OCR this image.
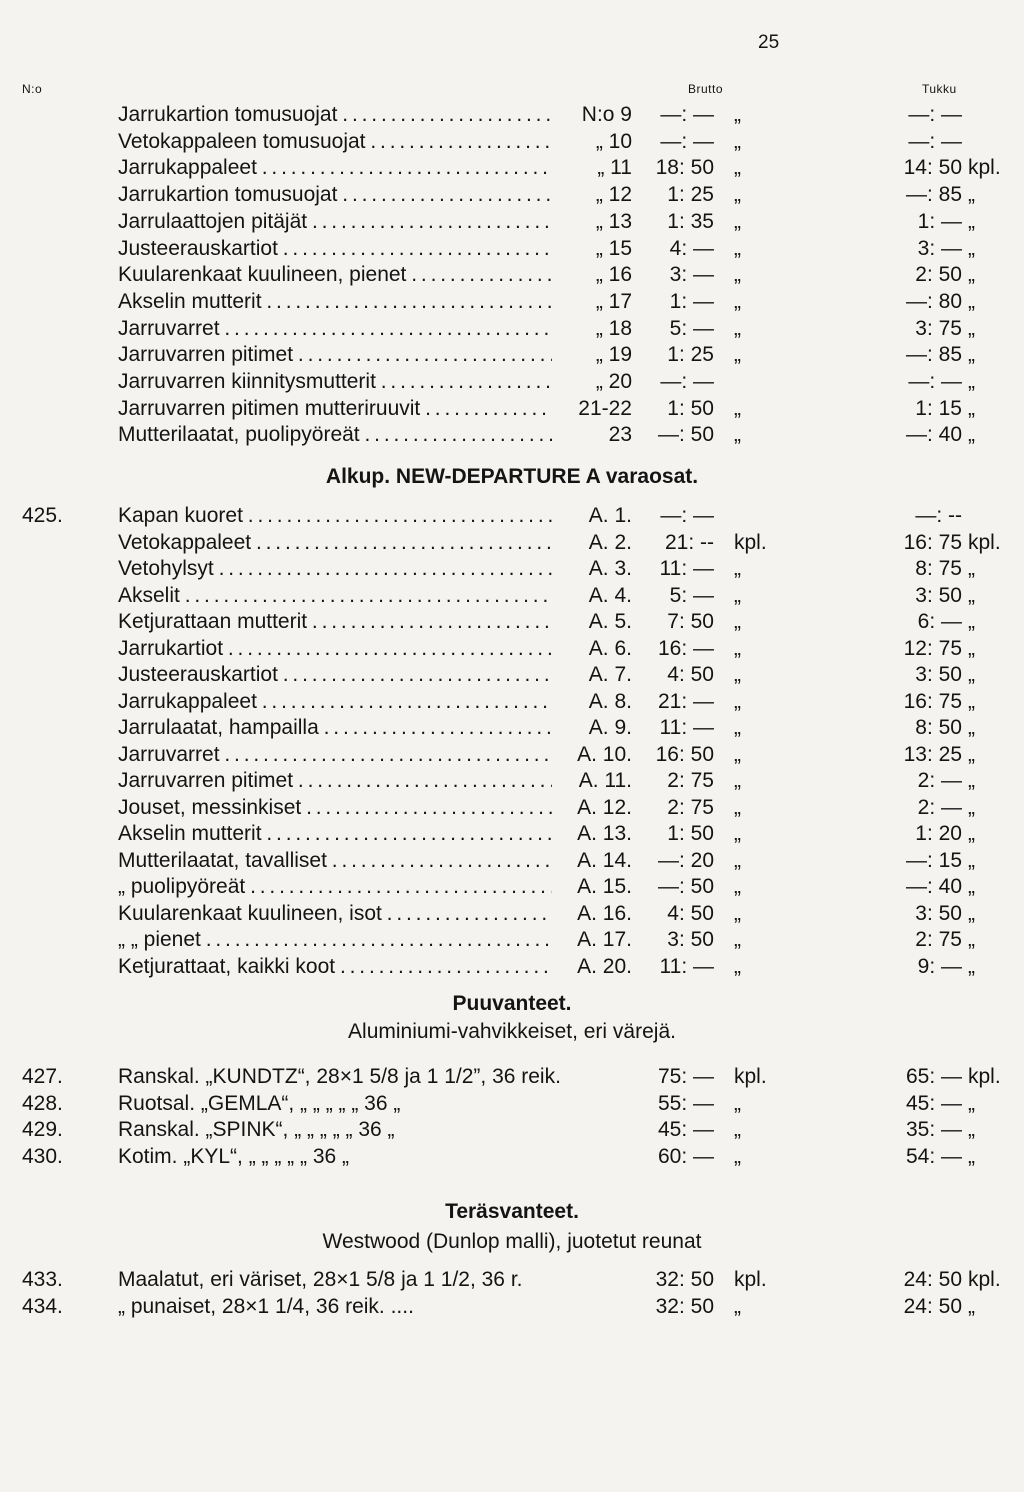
25
N:o	Brutto	Tukku
Jarrukartion tomusuojat . . .	N:o 9	—: — „	—: —
Vetokappaleen tomusuojat . . .	„ 10	—: — „	—: —
Jarrukappaleet . . .	„ 11	18: 50 „	14: 50 kpl.
Jarrukartion tomusuojat . . .	„ 12	1: 25 „	—: 85 „
Jarrulaattojen pitäjät . . .	„ 13	1: 35 „	1: — „
Justeerauskartiot . . .	„ 15	4: — „	3: — „
Kuularenkaat kuulineen, pienet . . .	„ 16	3: — „	2: 50 „
Akselin mutterit . . .	„ 17	1: — „	—: 80 „
Jarruvarret . . .	„ 18	5: — „	3: 75 „
Jarruvarren pitimet . . .	„ 19	1: 25 „	—: 85 „
Jarruvarren kiinnitysmutterit . . .	„ 20	—: —	—: — „
Jarruvarren pitimen mutteriruuvit . . .	21-22	1: 50 „	1: 15 „
Mutterilaatat, puolipyöreät . . .	23	—: 50 „	—: 40 „
Alkup. NEW-DEPARTURE A varaosat.
425.	Kapan kuoret . . .	A. 1.	—: —	—: --
Vetokappaleet . . .	A. 2.	21: -- kpl.	16: 75 kpl.
Vetohylsyt . . .	A. 3.	11: — „	8: 75 „
Akselit . . .	A. 4.	5: — „	3: 50 „
Ketjurattaan mutterit . . .	A. 5.	7: 50 „	6: — „
Jarrukartiot . . .	A. 6.	16: — „	12: 75 „
Justeerauskartiot . . .	A. 7.	4: 50 „	3: 50 „
Jarrukappaleet . . .	A. 8.	21: — „	16: 75 „
Jarrulaatat, hampailla . . .	A. 9.	11: — „	8: 50 „
Jarruvarret . . .	A. 10.	16: 50 „	13: 25 „
Jarruvarren pitimet . . .	A. 11.	2: 75 „	2: — „
Jouset, messinkiset . . .	A. 12.	2: 75 „	2: — „
Akselin mutterit . . .	A. 13.	1: 50 „	1: 20 „
Mutterilaatat, tavalliset . . .	A. 14.	—: 20 „	—: 15 „
„ puolipyöreät . . .	A. 15.	—: 50 „	—: 40 „
Kuularenkaat kuulineen, isot . . .	A. 16.	4: 50 „	3: 50 „
„ „ pienet . . .	A. 17.	3: 50 „	2: 75 „
Ketjurattaat, kaikki koot . . .	A. 20.	11: — „	9: — „
Puuvanteet.
Aluminiumi-vahvikkeiset, eri värejä.
427.	Ranskal. „KUNDTZ“, 28×1 5/8 ja 1 1/2”, 36 reik.	75: — kpl.	65: — kpl.
428.	Ruotsal. „GEMLA“, „ „ „ „ „ 36 „	55: — „	45: — „
429.	Ranskal. „SPINK“, „ „ „ „ „ 36 „	45: — „	35: — „
430.	Kotim. „KYL“, „ „ „ „ „ 36 „	60: — „	54: — „
Teräsvanteet.
Westwood (Dunlop malli), juotetut reunat
433.	Maalatut, eri väriset, 28×1 5/8 ja 1 1/2, 36 r.	32: 50 kpl.	24: 50 kpl.
434.	„ punaiset, 28×1 1/4, 36 reik. ....	32: 50 „	24: 50 „
